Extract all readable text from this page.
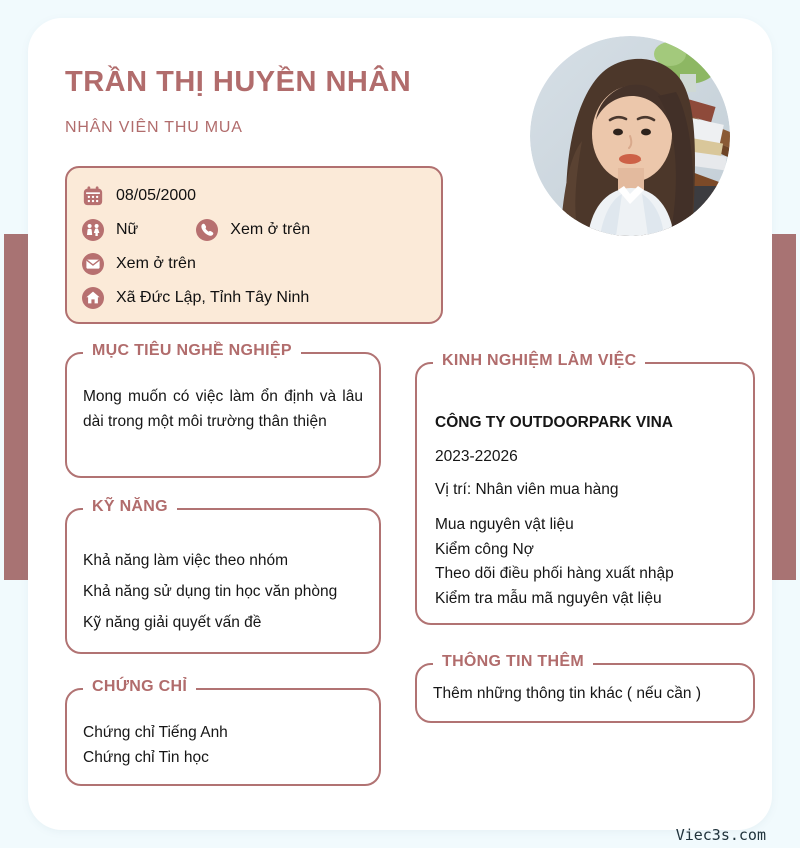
TRẦN THỊ HUYỀN NHÂN
NHÂN VIÊN THU MUA
08/05/2000
Nữ	Xem ở trên
Xem ở trên
Xã Đức Lập, Tỉnh Tây Ninh
MỤC TIÊU NGHỀ NGHIỆP
Mong muốn có việc làm ổn định và lâu dài trong một môi trường thân thiện
KỸ NĂNG
Khả năng làm việc theo nhóm
Khả năng sử dụng tin học văn phòng
Kỹ năng giải quyết vấn đề
CHỨNG CHỈ
Chứng chỉ Tiếng Anh
Chứng chỉ Tin học
KINH NGHIỆM LÀM VIỆC
CÔNG TY OUTDOORPARK VINA
2023-22026
Vị trí: Nhân viên mua hàng
Mua nguyên vật liệu
Kiểm công Nợ
Theo dõi điều phối hàng xuất nhập
Kiểm tra mẫu mã nguyên vật liệu
THÔNG TIN THÊM
Thêm những thông tin khác ( nếu cần )
Viec3s.com
